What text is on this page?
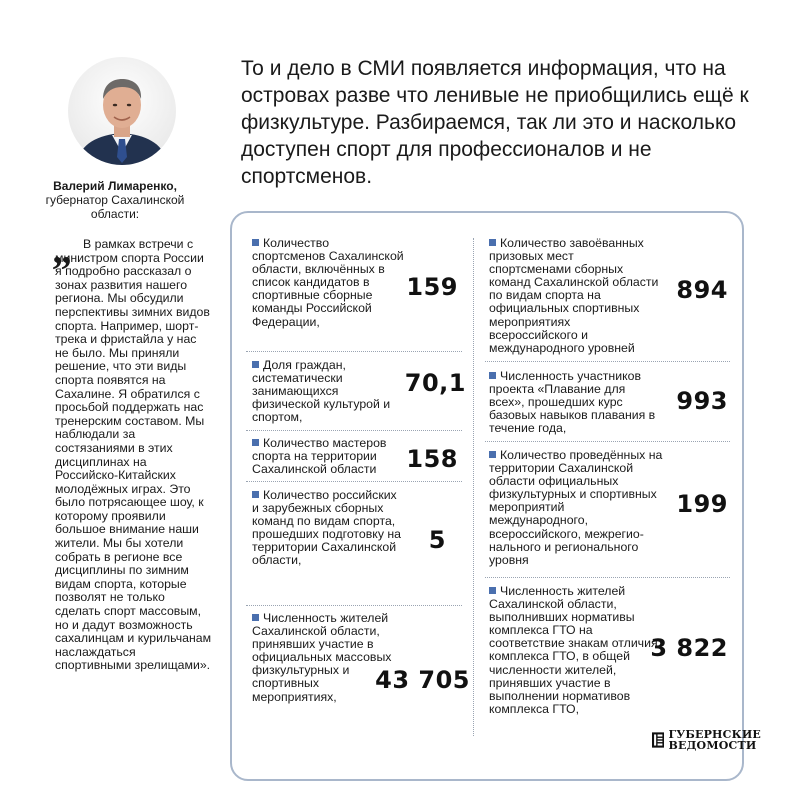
Валерий Лимаренко,
губернатор Сахалинской области:
„	В рамках встречи с министром спорта России я подробно рассказал о зонах развития нашего региона. Мы обсудили перспективы зимних видов спорта. Например, шорт-трека и фристайла у нас не было. Мы приняли решение, что эти виды спорта появятся на Сахалине. Я обратился с просьбой поддержать нас тренерским составом. Мы наблюдали за состязаниями в этих дисциплинах на Российско-Китайских молодёжных играх. Это было потрясающее шоу, к которому проявили большое внимание наши жители. Мы бы хотели собрать в регионе все дисциплины по зимним видам спорта, которые позволят не только сделать спорт массовым, но и дадут возможность сахалинцам и курильчанам наслаждаться спортивными зрелищами».
То и дело в СМИ появляется информация, что на островах разве что ленивые не приобщились ещё к физкультуре. Разбираемся, так ли это и насколько доступен спорт для профессионалов и не спортсменов.
Количество спортсменов Сахалинской области, включённых в список кандидатов в спортивные сборные команды Российской Федерации,
159
Доля граждан, систематически занимающихся физической культурой и спортом,
70,1
Количество мастеров спорта на территории Сахалинской области	158
Количество российских и зарубежных сборных команд по видам спорта, прошедших подготовку на территории Сахалинской области,
5
Численность жителей Сахалинской области, принявших участие в официальных массовых физкультурных и спортивных мероприятиях,
43 705
Количество завоёванных призовых мест спортсменами сборных команд Сахалинской области по видам спорта на официальных спортивных мероприятиях всероссийского и международного уровней
894
Численность участников проекта «Плавание для всех», прошедших курс базовых навыков плавания в течение года,
993
Количество проведённых на территории Сахалинской области официальных физкультурных и спортивных мероприятий международного, всероссийского, межрегио-нального и регионального уровня
199
Численность жителей Сахалинской области, выполнивших нормативы комплекса ГТО на соответствие знакам отличия комплекса ГТО, в общей численности жителей, принявших участие в выполнении нормативов комплекса ГТО,
3 822
ГУБЕРНСКИЕ
ВЕДОМОСТИ
